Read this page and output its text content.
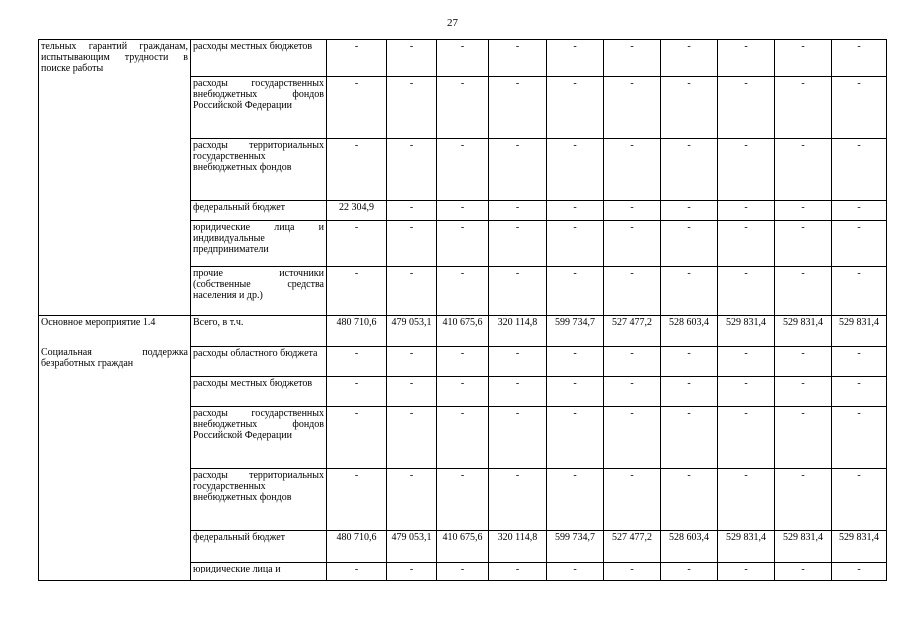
27
тельных гарантий гражданам, испытывающим трудности в поиске работы	расходы местных бюджетов	-	-	-	-	-	-	-	-	-	-
	расходы государственных внебюджетных фондов Российской Федерации	-	-	-	-	-	-	-	-	-	-
	расходы территориальных государственных внебюджетных фондов	-	-	-	-	-	-	-	-	-	-
	федеральный бюджет	22 304,9	-	-	-	-	-	-	-	-	-
	юридические лица и индивидуальные предприниматели	-	-	-	-	-	-	-	-	-	-
	прочие источники (собственные средства населения и др.)	-	-	-	-	-	-	-	-	-	-

Основное мероприятие 1.4	Всего, в т.ч.	480 710,6	479 053,1	410 675,6	320 114,8	599 734,7	527 477,2	528 603,4	529 831,4	529 831,4	529 831,4

Социальная поддержка безработных граждан	расходы областного бюджета	-	-	-	-	-	-	-	-	-	-
	расходы местных бюджетов	-	-	-	-	-	-	-	-	-	-
	расходы государственных внебюджетных фондов Российской Федерации	-	-	-	-	-	-	-	-	-	-
	расходы территориальных государственных внебюджетных фондов	-	-	-	-	-	-	-	-	-	-
	федеральный бюджет	480 710,6	479 053,1	410 675,6	320 114,8	599 734,7	527 477,2	528 603,4	529 831,4	529 831,4	529 831,4

	юридические лица и	-	-	-	-	-	-	-	-	-	-
